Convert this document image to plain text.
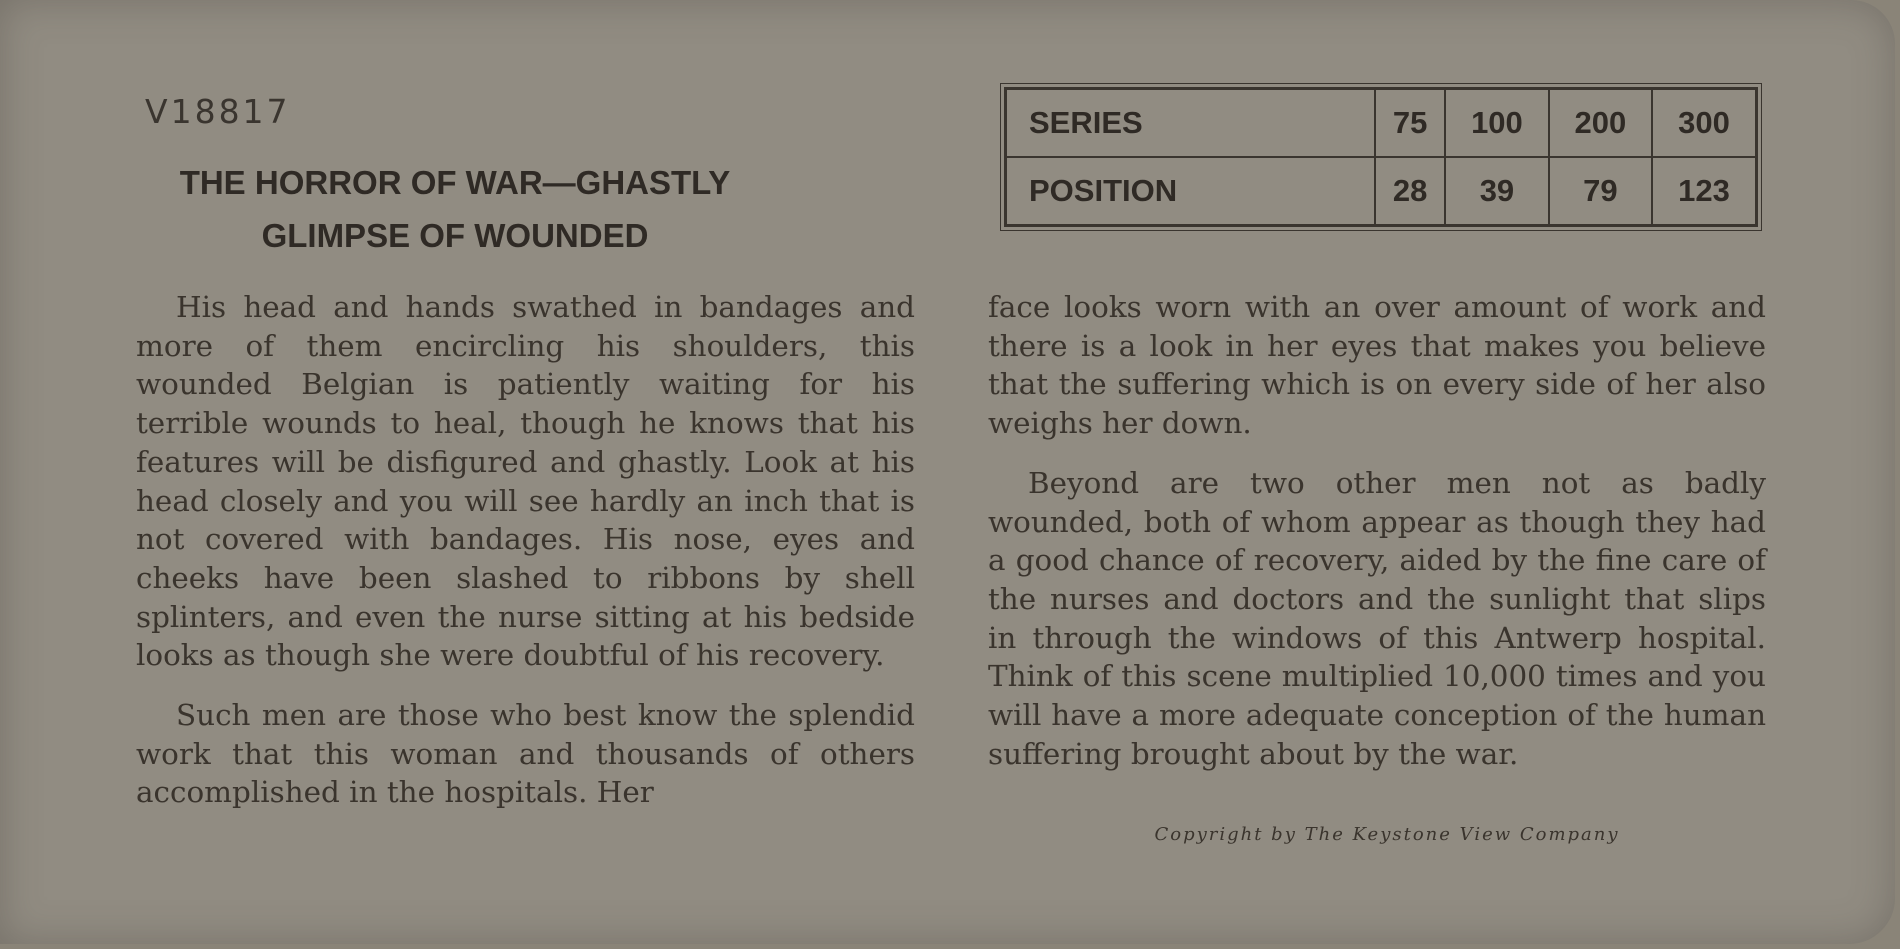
V18817
THE HORROR OF WAR—GHASTLY
GLIMPSE OF WOUNDED
SERIES	75	100	200	300
POSITION	28	39	79	123

His head and hands swathed in bandages and more of them encircling his shoulders, this wounded Belgian is patiently waiting for his terrible wounds to heal, though he knows that his features will be disfigured and ghastly. Look at his head closely and you will see hardly an inch that is not covered with bandages. His nose, eyes and cheeks have been slashed to ribbons by shell splinters, and even the nurse sitting at his bedside looks as though she were doubtful of his recovery.

Such men are those who best know the splendid work that this woman and thousands of others accomplished in the hospitals. Her

face looks worn with an over amount of work and there is a look in her eyes that makes you believe that the suffering which is on every side of her also weighs her down.

Beyond are two other men not as badly wounded, both of whom appear as though they had a good chance of recovery, aided by the fine care of the nurses and doctors and the sunlight that slips in through the windows of this Antwerp hospital. Think of this scene multiplied 10,000 times and you will have a more adequate conception of the human suffering brought about by the war.

Copyright by The Keystone View Company
